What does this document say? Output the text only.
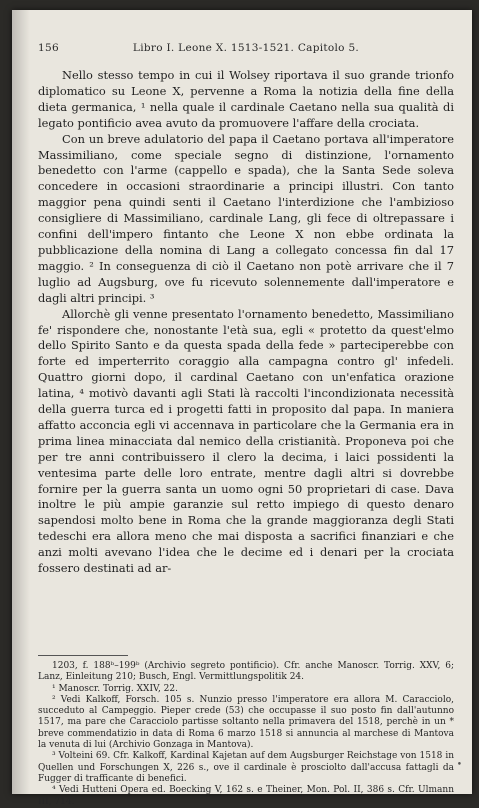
156	Libro I. Leone X. 1513-1521. Capitolo 5.

Nello stesso tempo in cui il Wolsey riportava il suo grande trionfo diplomatico su Leone X, pervenne a Roma la notizia della fine della dieta germanica, ¹ nella quale il cardinale Caetano nella sua qualità di legato pontificio avea avuto da promuovere l'affare della crociata.

Con un breve adulatorio del papa il Caetano portava all'imperatore Massimiliano, come speciale segno di distinzione, l'ornamento benedetto con l'arme (cappello e spada), che la Santa Sede soleva concedere in occasioni straordinarie a principi illustri. Con tanto maggior pena quindi senti il Caetano l'interdizione che l'ambizioso consigliere di Massimiliano, cardinale Lang, gli fece di oltrepassare i confini dell'impero fintanto che Leone X non ebbe ordinata la pubblicazione della nomina di Lang a collegato concessa fin dal 17 maggio. ² In conseguenza di ciò il Caetano non potè arrivare che il 7 luglio ad Augsburg, ove fu ricevuto solennemente dall'imperatore e dagli altri principi. ³

Allorchè gli venne presentato l'ornamento benedetto, Massimiliano fe' rispondere che, nonostante l'età sua, egli « protetto da quest'elmo dello Spirito Santo e da questa spada della fede » parteciperebbe con forte ed imperterrito coraggio alla campagna contro gl' infedeli. Quattro giorni dopo, il cardinal Caetano con un'enfatica orazione latina, ⁴ motivò davanti agli Stati là raccolti l'incondizionata necessità della guerra turca ed i progetti fatti in proposito dal papa. In maniera affatto acconcia egli vi accennava in particolare che la Germania era in prima linea minacciata dal nemico della cristianità. Proponeva poi che per tre anni contribuissero il clero la decima, i laici possidenti la ventesima parte delle loro entrate, mentre dagli altri si dovrebbe fornire per la guerra santa un uomo ogni 50 proprietari di case. Dava inoltre le più ampie garanzie sul retto impiego di questo denaro sapendosi molto bene in Roma che la grande maggioranza degli Stati tedeschi era allora meno che mai disposta a sacrifici finanziari e che anzi molti avevano l'idea che le decime ed i denari per la crociata fossero destinati ad ar-

1203, f. 188ᵇ–199ᵇ (Archivio segreto pontificio). Cfr. anche Manoscr. Torrig. XXV, 6; Lanz, Einleitung 210; Busch, Engl. Vermittlungspolitik 24.

¹ Manoscr. Torrig. XXIV, 22.

² Vedi Kalkoff, Forsch. 105 s. Nunzio presso l'imperatore era allora M. Caracciolo, succeduto al Campeggio. Pieper crede (53) che occupasse il suo posto fin dall'autunno 1517, ma pare che Caracciolo partisse soltanto nella primavera del 1518, perchè in un * breve commendatizio in data di Roma 6 marzo 1518 si annuncia al marchese di Mantova la venuta di lui (Archivio Gonzaga in Mantova).

³ Volteini 69. Cfr. Kalkoff, Kardinal Kajetan auf dem Augsburger Reichstage von 1518 in Quellen und Forschungen X, 226 s., ove il cardinale è prosciolto dall'accusa fattagli da Fugger di trafficante di benefici.

⁴ Vedi Hutteni Opera ed. Boecking V, 162 s. e Theiner, Mon. Pol. II, 386 s. Cfr. Ulmann III, 714.

•
